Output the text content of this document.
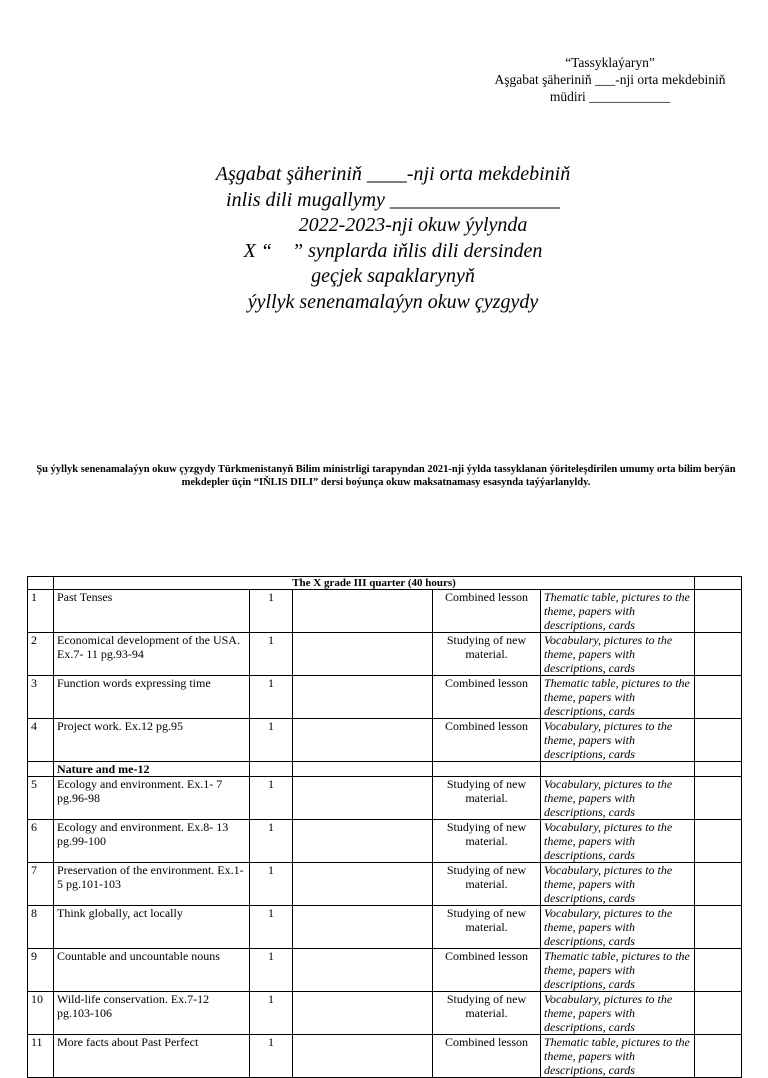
“Tassyklaýaryn”
Aşgabat şäheriniň ___-nji orta mekdebiniň
müdiri ____________
Aşgabat şäheriniň ____-nji orta mekdebiniň
inlis dili mugallymy _________________
2022-2023-nji okuw ýylynda
X “    ” synplarda iňlis dili dersinden
geçjek sapaklarynyň
ýyllyk senenamalaýyn okuw çyzgydy
Şu ýyllyk senenamalaýyn okuw çyzgydy Türkmenistanyň Bilim ministrligi tarapyndan 2021-nji ýylda tassyklanan ýöriteleşdirilen umumy orta bilim berýän mekdepler üçin “IŇLIS DILI” dersi boýunça okuw maksatnamasy esasynda taýýarlanyldy.
	The X grade III quarter (40 hours)					
1	Past Tenses	1		Combined lesson	Thematic table, pictures to the theme, papers with descriptions, cards	
2	Economical development of the USA. Ex.7- 11 pg.93-94	1		Studying of new material.	Vocabulary, pictures to the theme, papers with descriptions, cards	
3	Function words expressing time	1		Combined lesson	Thematic table, pictures to the theme, papers with descriptions, cards	
4	Project work. Ex.12 pg.95	1		Combined lesson	Vocabulary, pictures to the theme, papers with descriptions, cards	
	Nature and me-12					
5	Ecology and environment. Ex.1- 7 pg.96-98	1		Studying of new material.	Vocabulary, pictures to the theme, papers with descriptions, cards	
6	Ecology and environment. Ex.8- 13 pg.99-100	1		Studying of new material.	Vocabulary, pictures to the theme, papers with descriptions, cards	
7	Preservation of the environment. Ex.1-5 pg.101-103	1		Studying of new material.	Vocabulary, pictures to the theme, papers with descriptions, cards	
8	Think globally, act locally	1		Studying of new material.	Vocabulary, pictures to the theme, papers with descriptions, cards	
9	Countable and uncountable nouns	1		Combined lesson	Thematic table, pictures to the theme, papers with descriptions, cards	
10	Wild-life conservation. Ex.7-12 pg.103-106	1		Studying of new material.	Vocabulary, pictures to the theme, papers with descriptions, cards	
11	More facts about Past Perfect	1		Combined lesson	Thematic table, pictures to the theme, papers with descriptions, cards	
